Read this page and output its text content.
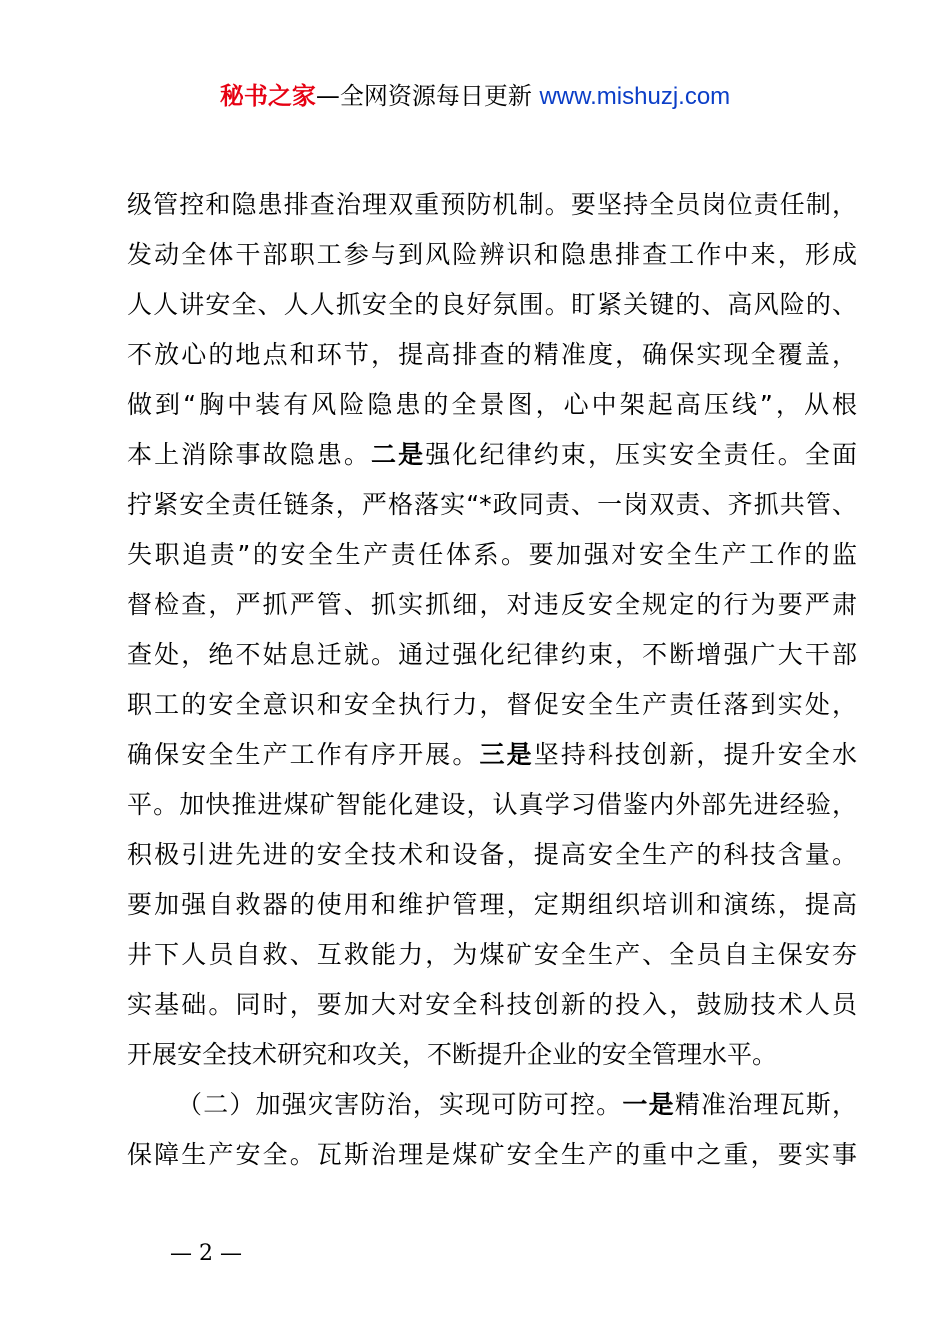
秘书之家—全网资源每日更新 www.mishuzj.com
级管控和隐患排查治理双重预防机制。要坚持全员岗位责任制，
发动全体干部职工参与到风险辨识和隐患排查工作中来，形成
人人讲安全、人人抓安全的良好氛围。盯紧关键的、高风险的、
不放心的地点和环节，提高排查的精准度，确保实现全覆盖，
做到“胸中装有风险隐患的全景图，心中架起高压线”，从根
本上消除事故隐患。二是强化纪律约束，压实安全责任。全面
拧紧安全责任链条，严格落实“*政同责、一岗双责、齐抓共管、
失职追责”的安全生产责任体系。要加强对安全生产工作的监
督检查，严抓严管、抓实抓细，对违反安全规定的行为要严肃
查处，绝不姑息迁就。通过强化纪律约束，不断增强广大干部
职工的安全意识和安全执行力，督促安全生产责任落到实处，
确保安全生产工作有序开展。三是坚持科技创新，提升安全水
平。加快推进煤矿智能化建设，认真学习借鉴内外部先进经验，
积极引进先进的安全技术和设备，提高安全生产的科技含量。
要加强自救器的使用和维护管理，定期组织培训和演练，提高
井下人员自救、互救能力，为煤矿安全生产、全员自主保安夯
实基础。同时，要加大对安全科技创新的投入，鼓励技术人员
开展安全技术研究和攻关，不断提升企业的安全管理水平。
（二）加强灾害防治，实现可防可控。一是精准治理瓦斯，
保障生产安全。瓦斯治理是煤矿安全生产的重中之重，要实事
— 2 —
